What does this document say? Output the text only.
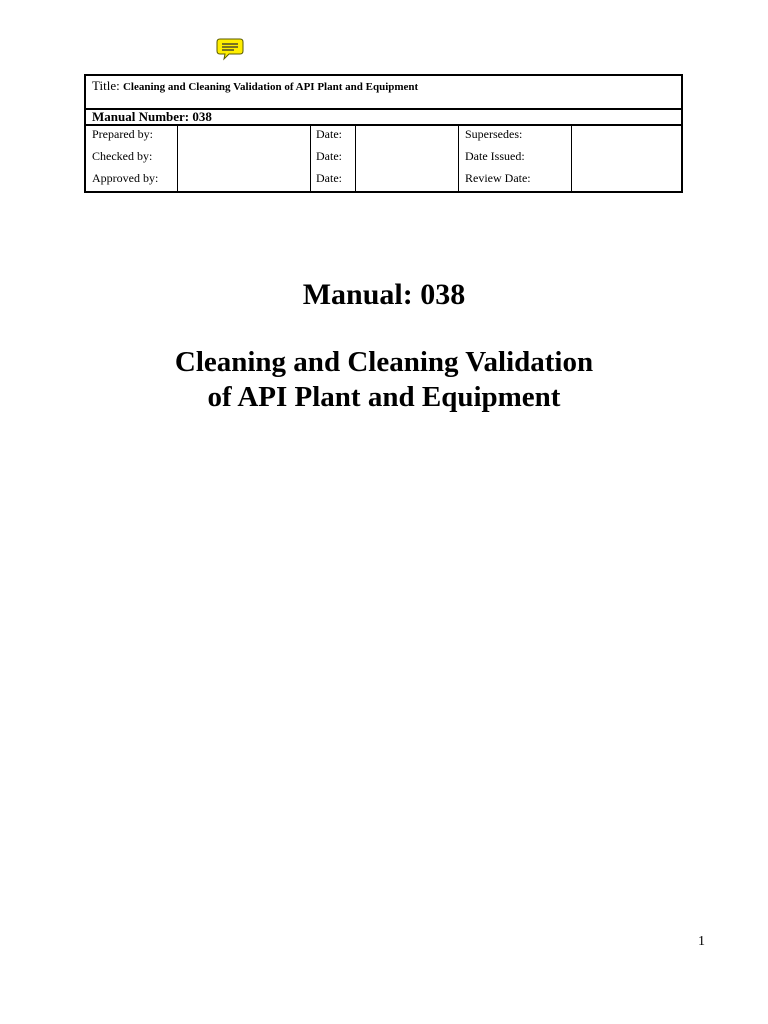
Title: Cleaning and Cleaning Validation of API Plant and Equipment
Manual Number: 038
Prepared by:	Date:	Supersedes:
Checked by:	Date:	Date Issued:
Approved by:	Date:	Review Date:
Manual: 038
Cleaning and Cleaning Validation
of API Plant and Equipment
1
